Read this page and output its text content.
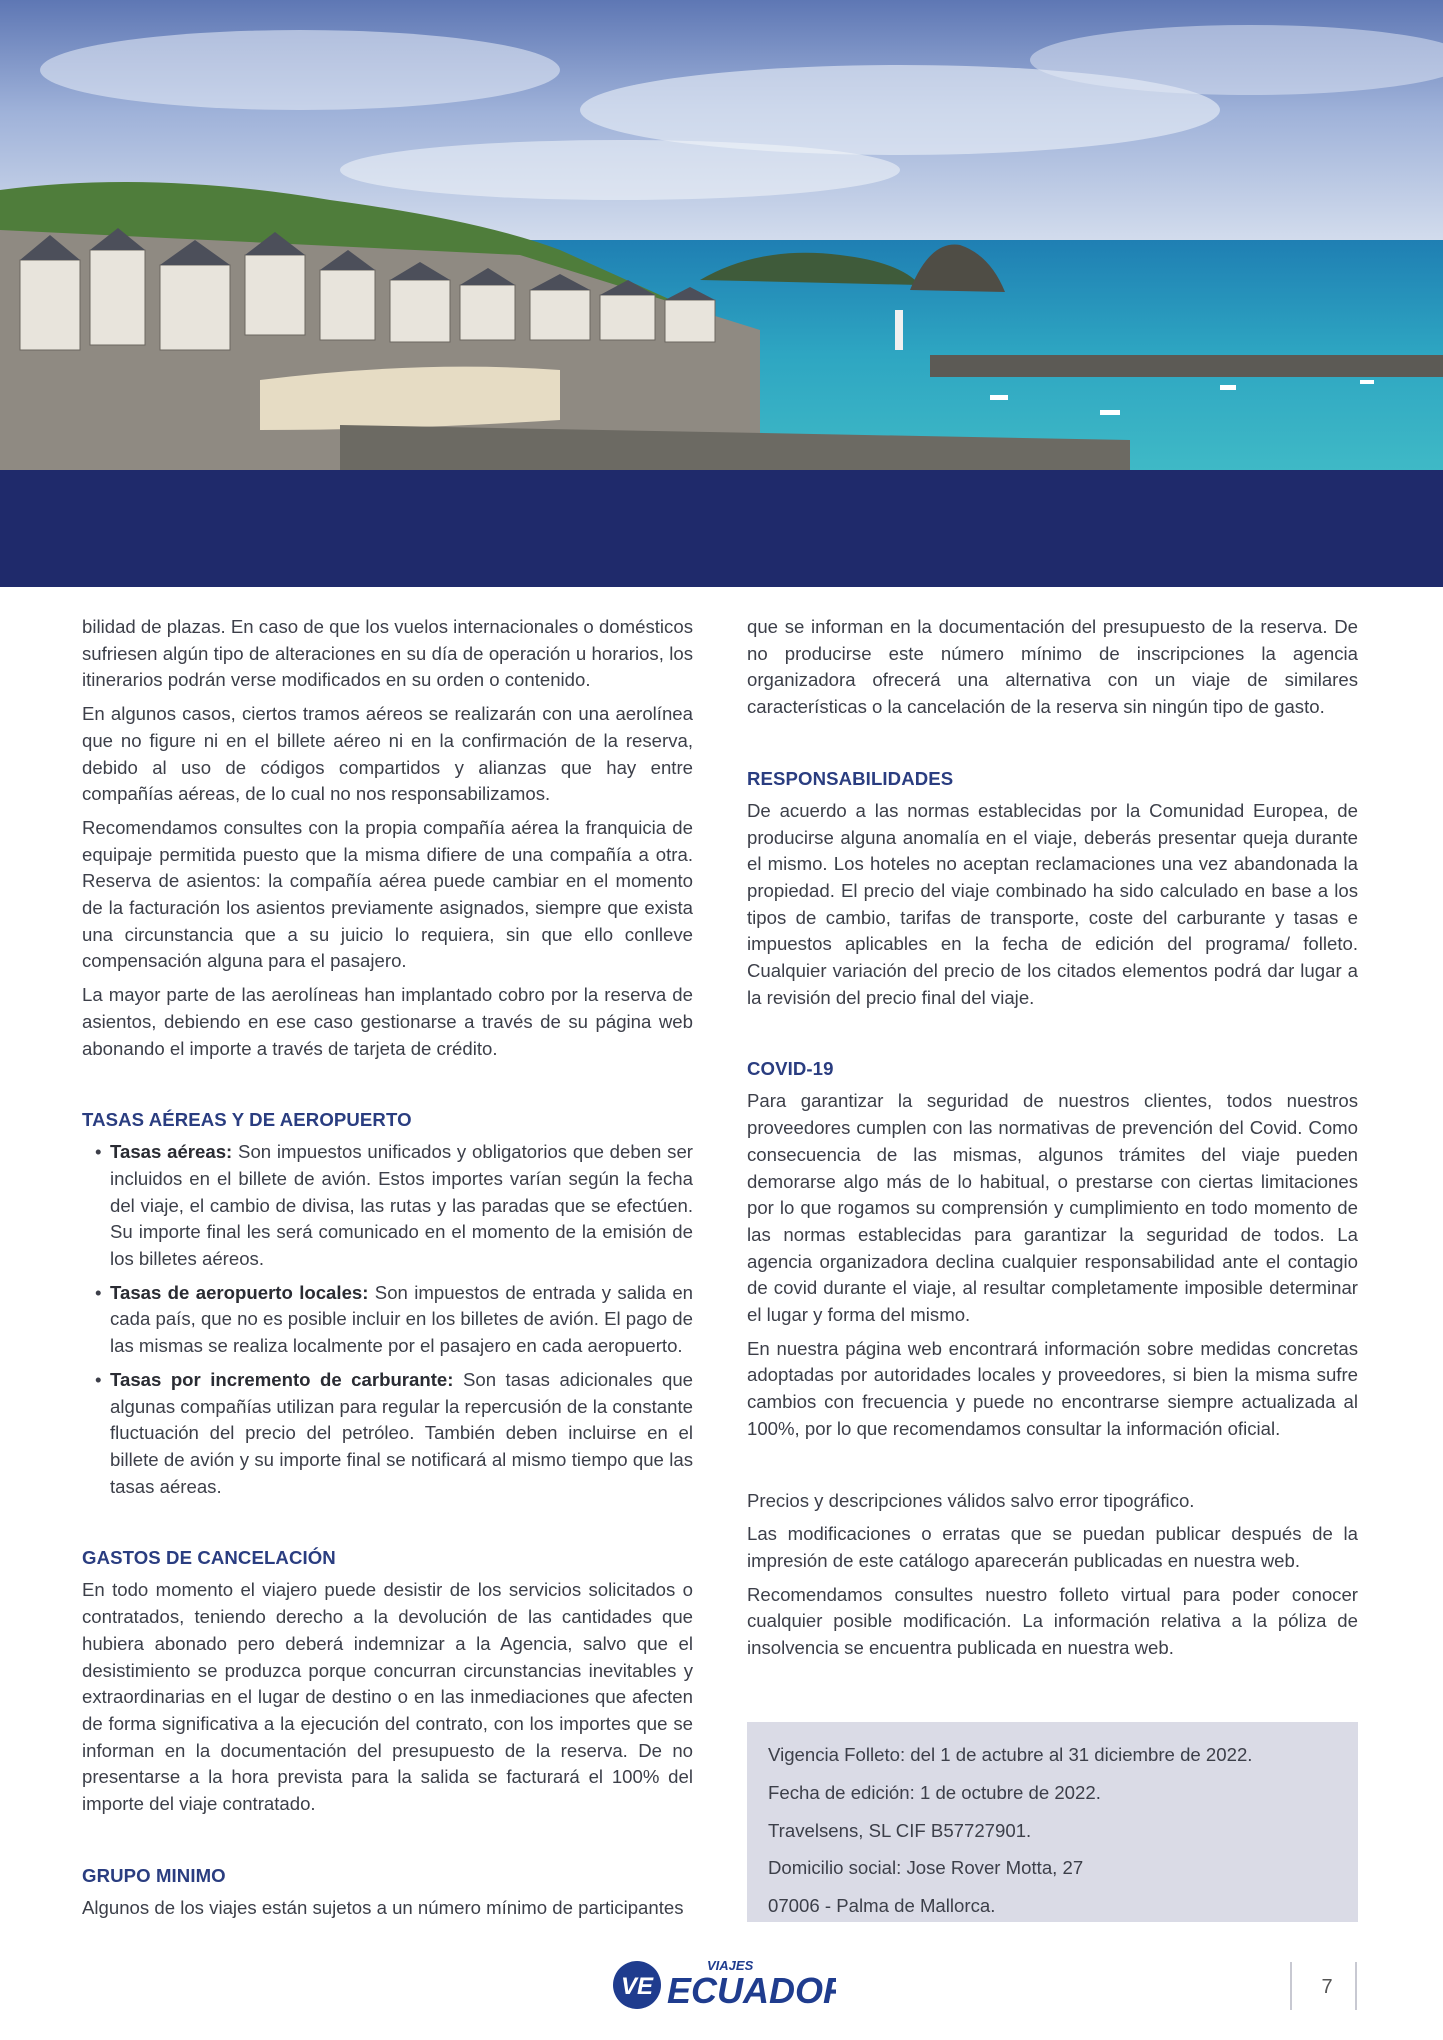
bilidad de plazas. En caso de que los vuelos internacionales o domésticos sufriesen algún tipo de alteraciones en su día de operación u horarios, los itinerarios podrán verse modificados en su orden o contenido.

En algunos casos, ciertos tramos aéreos se realizarán con una aerolínea que no figure ni en el billete aéreo ni en la confirmación de la reserva, debido al uso de códigos compartidos y alianzas que hay entre compañías aéreas, de lo cual no nos responsabilizamos.

Recomendamos consultes con la propia compañía aérea la franquicia de equipaje permitida puesto que la misma difiere de una compañía a otra. Reserva de asientos: la compañía aérea puede cambiar en el momento de la facturación los asientos previamente asignados, siempre que exista una circunstancia que a su juicio lo requiera, sin que ello conlleve compensación alguna para el pasajero.

La mayor parte de las aerolíneas han implantado cobro por la reserva de asientos, debiendo en ese caso gestionarse a través de su página web abonando el importe a través de tarjeta de crédito.

TASAS AÉREAS Y DE AEROPUERTO
• Tasas aéreas: Son impuestos unificados y obligatorios que deben ser incluidos en el billete de avión. Estos importes varían según la fecha del viaje, el cambio de divisa, las rutas y las paradas que se efectúen. Su importe final les será comunicado en el momento de la emisión de los billetes aéreos.
• Tasas de aeropuerto locales: Son impuestos de entrada y salida en cada país, que no es posible incluir en los billetes de avión. El pago de las mismas se realiza localmente por el pasajero en cada aeropuerto.
• Tasas por incremento de carburante: Son tasas adicionales que algunas compañías utilizan para regular la repercusión de la constante fluctuación del precio del petróleo. También deben incluirse en el billete de avión y su importe final se notificará al mismo tiempo que las tasas aéreas.
GASTOS DE CANCELACIÓN

En todo momento el viajero puede desistir de los servicios solicitados o contratados, teniendo derecho a la devolución de las cantidades que hubiera abonado pero deberá indemnizar a la Agencia, salvo que el desistimiento se produzca porque concurran circunstancias inevitables y extraordinarias en el lugar de destino o en las inmediaciones que afecten de forma significativa a la ejecución del contrato, con los importes que se informan en la documentación del presupuesto de la reserva. De no presentarse a la hora prevista para la salida se facturará el 100% del importe del viaje contratado.

GRUPO MINIMO

Algunos de los viajes están sujetos a un número mínimo de participantes

que se informan en la documentación del presupuesto de la reserva. De no producirse este número mínimo de inscripciones la agencia organizadora ofrecerá una alternativa con un viaje de similares características o la cancelación de la reserva sin ningún tipo de gasto.

RESPONSABILIDADES

De acuerdo a las normas establecidas por la Comunidad Europea, de producirse alguna anomalía en el viaje, deberás presentar queja durante el mismo. Los hoteles no aceptan reclamaciones una vez abandonada la propiedad. El precio del viaje combinado ha sido calculado en base a los tipos de cambio, tarifas de transporte, coste del carburante y tasas e impuestos aplicables en la fecha de edición del programa/ folleto. Cualquier variación del precio de los citados elementos podrá dar lugar a la revisión del precio final del viaje.

COVID-19

Para garantizar la seguridad de nuestros clientes, todos nuestros proveedores cumplen con las normativas de prevención del Covid. Como consecuencia de las mismas, algunos trámites del viaje pueden demorarse algo más de lo habitual, o prestarse con ciertas limitaciones por lo que rogamos su comprensión y cumplimiento en todo momento de las normas establecidas para garantizar la seguridad de todos. La agencia organizadora declina cualquier responsabilidad ante el contagio de covid durante el viaje, al resultar completamente imposible determinar el lugar y forma del mismo.

En nuestra página web encontrará información sobre medidas concretas adoptadas por autoridades locales y proveedores, si bien la misma sufre cambios con frecuencia y puede no encontrarse siempre actualizada al 100%, por lo que recomendamos consultar la información oficial.

Precios y descripciones válidos salvo error tipográfico.

Las modificaciones o erratas que se puedan publicar después de la impresión de este catálogo aparecerán publicadas en nuestra web.

Recomendamos consultes nuestro folleto virtual para poder conocer cualquier posible modificación. La información relativa a la póliza de insolvencia se encuentra publicada en nuestra web.

Vigencia Folleto: del 1 de actubre al 31 diciembre de 2022.
Fecha de edición: 1 de octubre de 2022.
Travelsens, SL CIF B57727901.
Domicilio social: Jose Rover Motta, 27
07006 - Palma de Mallorca.
VE
VIAJES
ECUADOR	7
